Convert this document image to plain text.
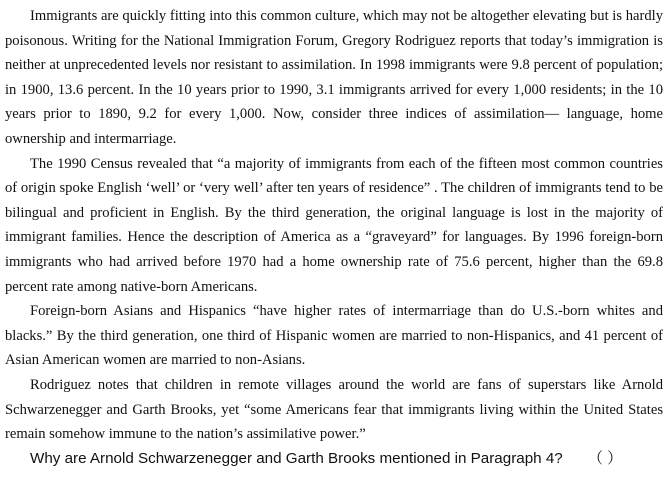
Immigrants are quickly fitting into this common culture, which may not be altogether elevating but is hardly poisonous. Writing for the National Immigration Forum, Gregory Rodriguez reports that today’s immigration is neither at unprecedented levels nor resistant to assimilation. In 1998 immigrants were 9.8 percent of population; in 1900, 13.6 percent. In the 10 years prior to 1990, 3.1 immigrants arrived for every 1,000 residents; in the 10 years prior to 1890, 9.2 for every 1,000. Now, consider three indices of assimilation— language, home ownership and intermarriage.

The 1990 Census revealed that “a majority of immigrants from each of the fifteen most common countries of origin spoke English ‘well’ or ‘very well’ after ten years of residence” . The children of immigrants tend to be bilingual and proficient in English. By the third generation, the original language is lost in the majority of immigrant families. Hence the description of America as a “graveyard” for languages. By 1996 foreign-born immigrants who had arrived before 1970 had a home ownership rate of 75.6 percent, higher than the 69.8 percent rate among native-born Americans.

Foreign-born Asians and Hispanics “have higher rates of intermarriage than do U.S.-born whites and blacks.” By the third generation, one third of Hispanic women are married to non-Hispanics, and 41 percent of Asian American women are married to non-Asians.

Rodriguez notes that children in remote villages around the world are fans of superstars like Arnold Schwarzenegger and Garth Brooks, yet “some Americans fear that immigrants living within the United States remain somehow immune to the nation’s assimilative power.”

Why are Arnold Schwarzenegger and Garth Brooks mentioned in Paragraph 4? （ ）
